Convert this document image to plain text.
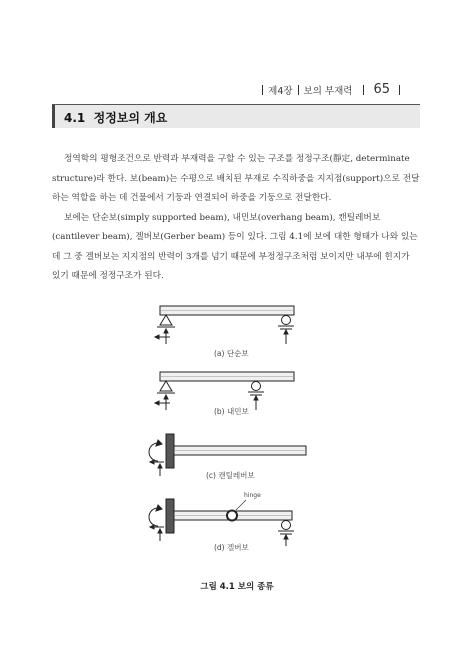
제4장 보의 부재력 65
4.1 정정보의 개요

정역학의 평형조건으로 반력과 부재력을 구할 수 있는 구조를 정정구조(靜定, determinate structure)라 한다. 보(beam)는 수평으로 배치된 부재로 수직하중을 지지점(support)으로 전달하는 역할을 하는 데 건물에서 기둥과 연결되어 하중을 기둥으로 전달한다.

보에는 단순보(simply supported beam), 내민보(overhang beam), 캔틸레버보(cantilever beam), 겔버보(Gerber beam) 등이 있다. 그림 4.1에 보에 대한 형태가 나와 있는데 그 중 겔버보는 지지점의 반력이 3개를 넘기 때문에 부정정구조처럼 보이지만 내부에 힌지가 있기 때문에 정정구조가 된다.

(a) 단순보
(b) 내민보
(c) 캔틸레버보
hinge
(d) 겔버보
그림 4.1 보의 종류
